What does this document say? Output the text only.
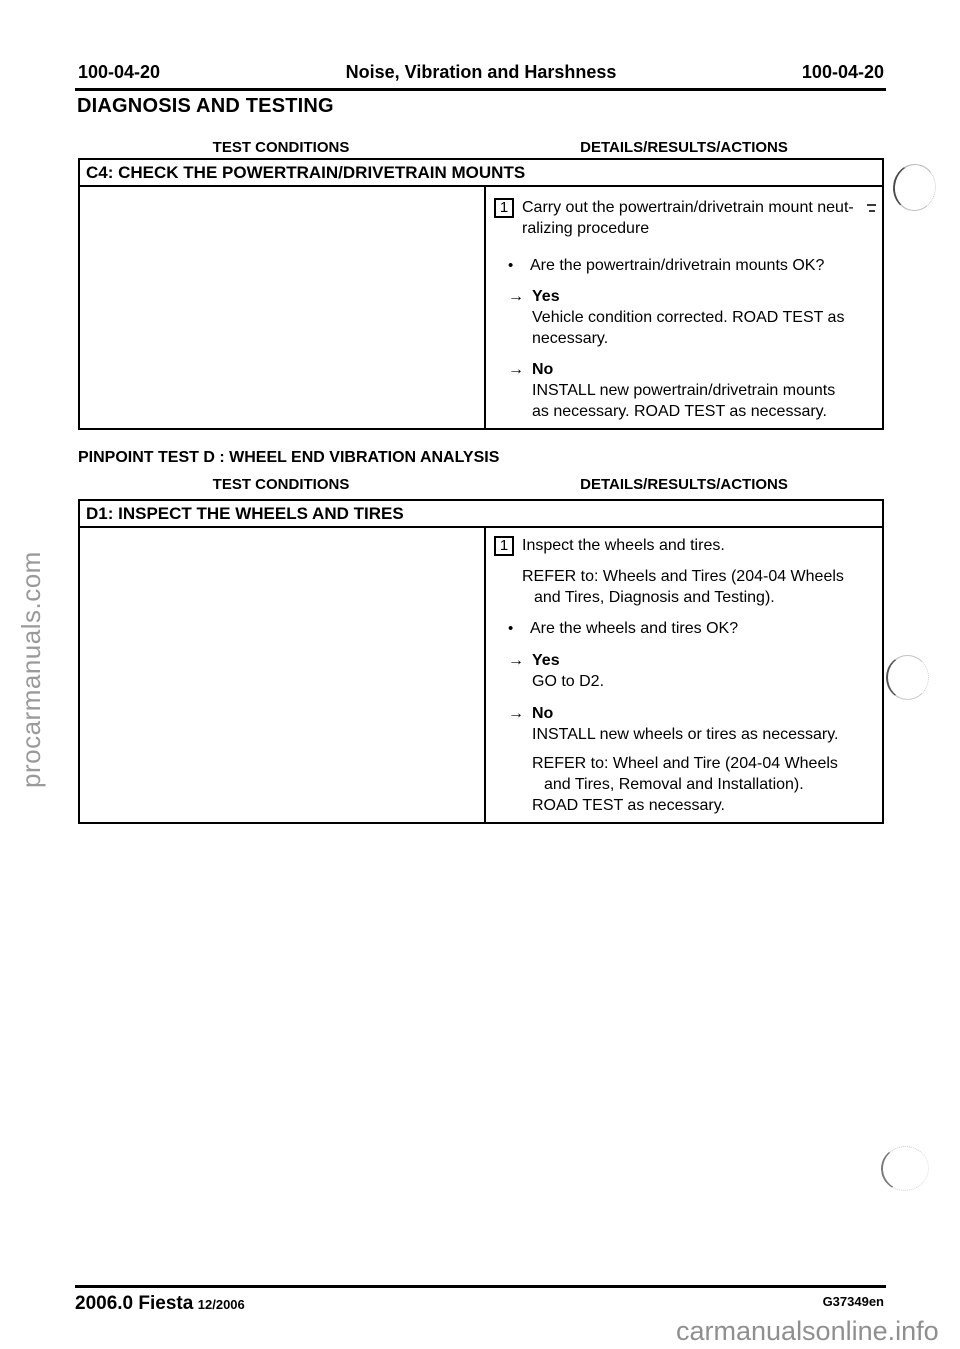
Noise, Vibration and Harshness
100-04-20	100-04-20
DIAGNOSIS AND TESTING
TEST CONDITIONS	DETAILS/RESULTS/ACTIONS
C4: CHECK THE POWERTRAIN/DRIVETRAIN MOUNTS
1 Carry out the powertrain/drivetrain mount neut-
ralizing procedure
•	Are the powertrain/drivetrain mounts OK?
→ Yes
Vehicle condition corrected. ROAD TEST as
necessary.
→ No
INSTALL new powertrain/drivetrain mounts
as necessary. ROAD TEST as necessary.
PINPOINT TEST D : WHEEL END VIBRATION ANALYSIS
TEST CONDITIONS	DETAILS/RESULTS/ACTIONS
D1: INSPECT THE WHEELS AND TIRES
1 Inspect the wheels and tires.
REFER to: Wheels and Tires (204-04 Wheels
and Tires, Diagnosis and Testing).
•	Are the wheels and tires OK?
→ Yes
GO to D2.
→ No
INSTALL new wheels or tires as necessary.
REFER to: Wheel and Tire (204-04 Wheels
and Tires, Removal and Installation).
ROAD TEST as necessary.
2006.0 Fiesta 12/2006	G37349en
procarmanuals.com
carmanualsonline.info
